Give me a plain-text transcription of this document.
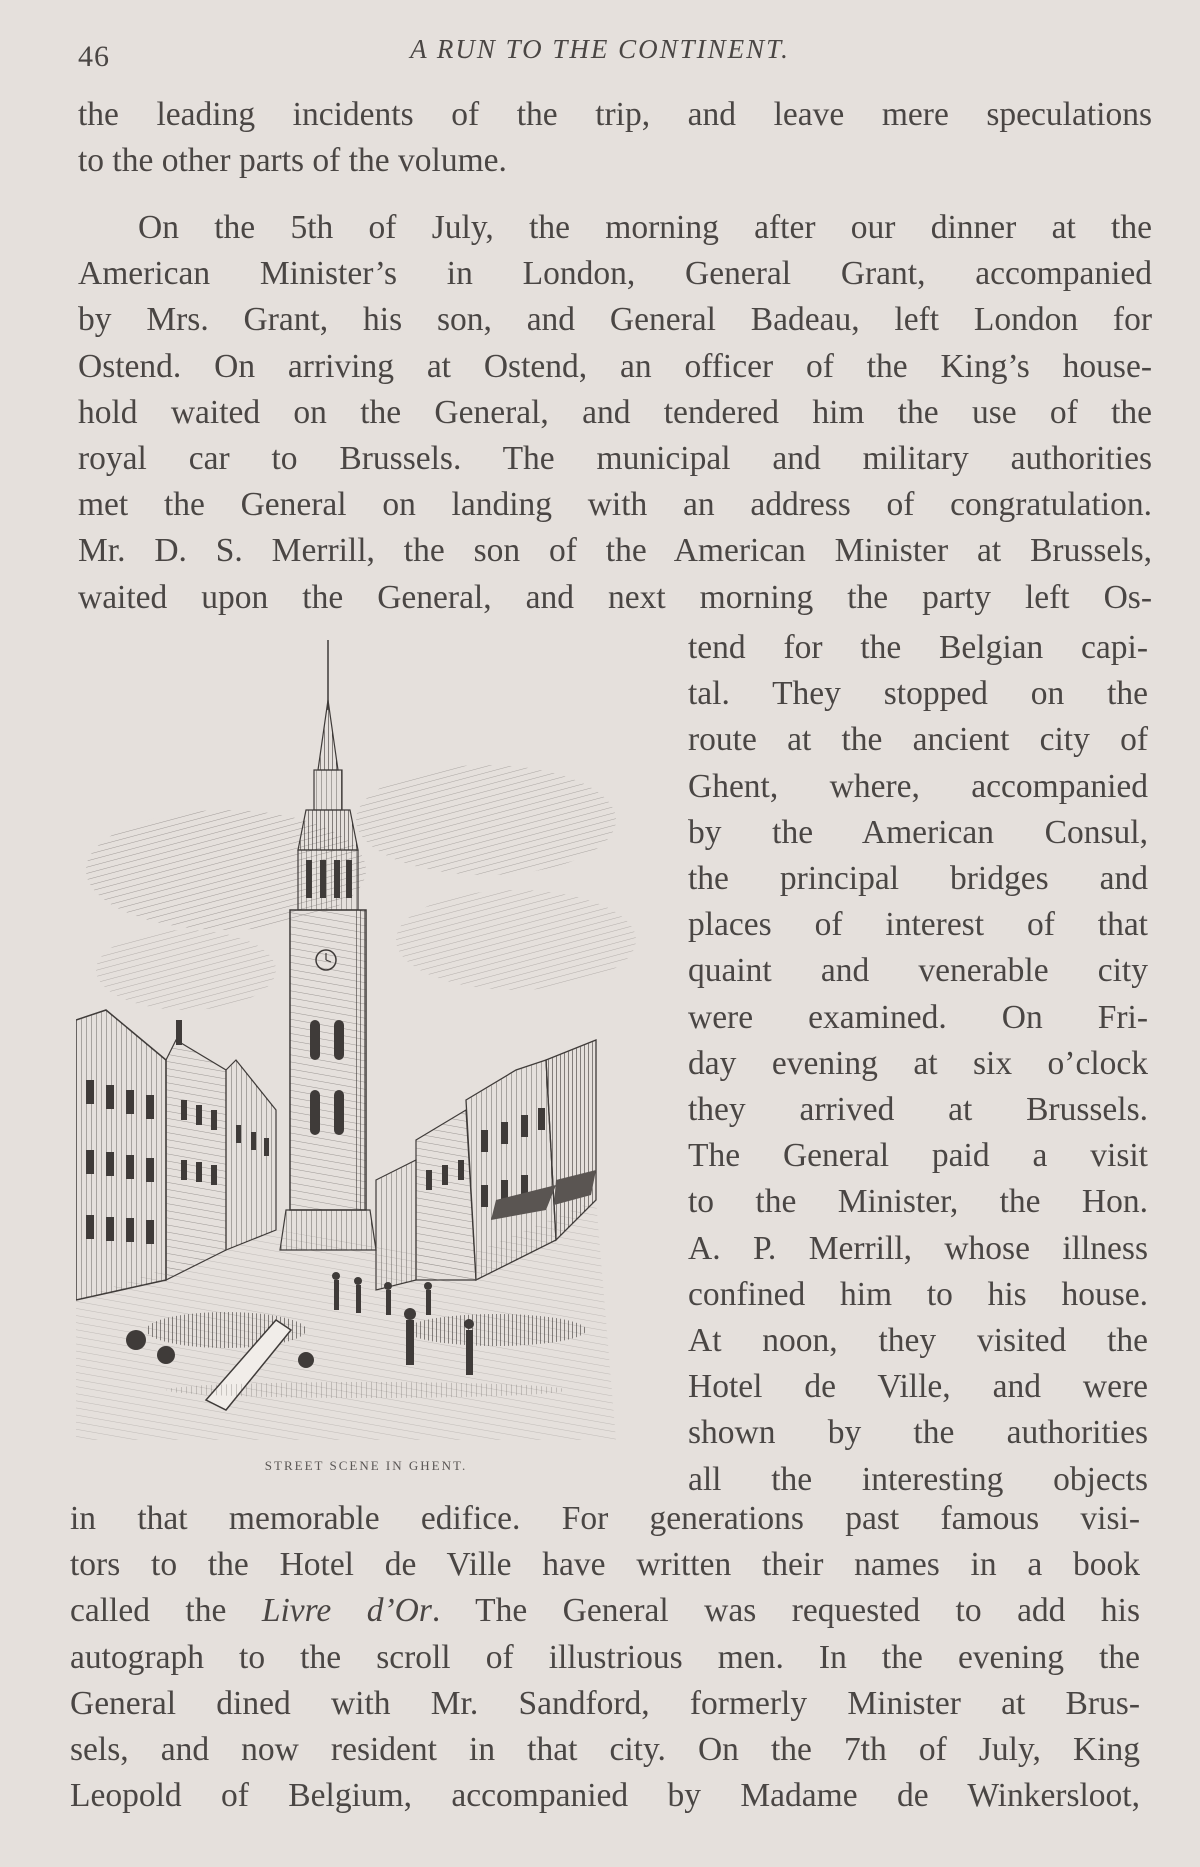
46	A RUN TO THE CONTINENT.
the leading incidents of the trip, and leave mere speculations
to the other parts of the volume.
On the 5th of July, the morning after our dinner at the
American Minister’s in London, General Grant, accompanied
by Mrs. Grant, his son, and General Badeau, left London for
Ostend. On arriving at Ostend, an officer of the King’s house-
hold waited on the General, and tendered him the use of the
royal car to Brussels. The municipal and military authorities
met the General on landing with an address of congratulation.
Mr. D. S. Merrill, the son of the American Minister at Brussels,
waited upon the General, and next morning the party left Os-
STREET SCENE IN GHENT.
tend for the Belgian capi-
tal. They stopped on the
route at the ancient city of
Ghent, where, accompanied
by the American Consul,
the principal bridges and
places of interest of that
quaint and venerable city
were examined. On Fri-
day evening at six o’clock
they arrived at Brussels.
The General paid a visit
to the Minister, the Hon.
A. P. Merrill, whose illness
confined him to his house.
At noon, they visited the
Hotel de Ville, and were
shown by the authorities
all the interesting objects
in that memorable edifice. For generations past famous visi-
tors to the Hotel de Ville have written their names in a book
called the Livre d’Or. The General was requested to add his
autograph to the scroll of illustrious men. In the evening the
General dined with Mr. Sandford, formerly Minister at Brus-
sels, and now resident in that city. On the 7th of July, King
Leopold of Belgium, accompanied by Madame de Winkersloot,
